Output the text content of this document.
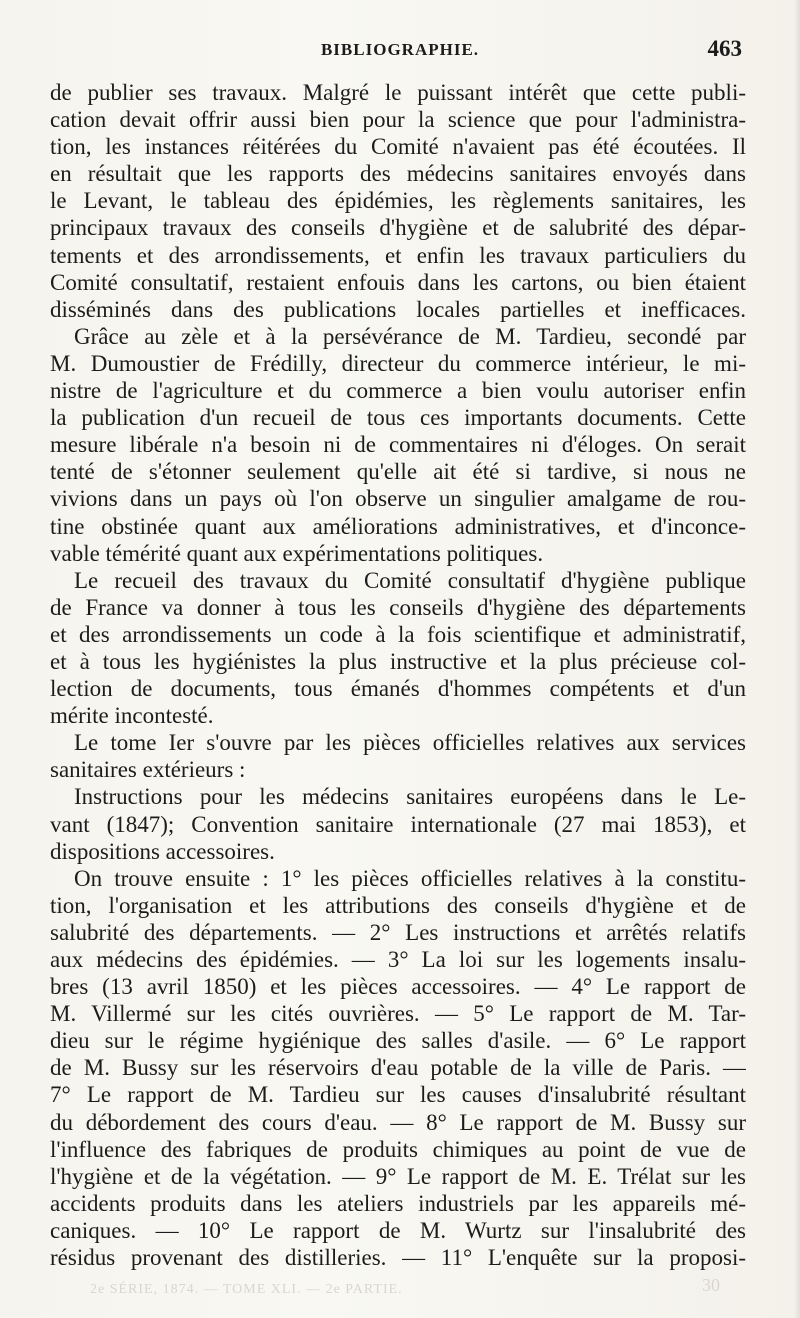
BIBLIOGRAPHIE.	463
de publier ses travaux. Malgré le puissant intérêt que cette publi-
cation devait offrir aussi bien pour la science que pour l'administra-
tion, les instances réitérées du Comité n'avaient pas été écoutées. Il
en résultait que les rapports des médecins sanitaires envoyés dans
le Levant, le tableau des épidémies, les règlements sanitaires, les
principaux travaux des conseils d'hygiène et de salubrité des dépar-
tements et des arrondissements, et enfin les travaux particuliers du
Comité consultatif, restaient enfouis dans les cartons, ou bien étaient
disséminés dans des publications locales partielles et inefficaces.
Grâce au zèle et à la persévérance de M. Tardieu, secondé par
M. Dumoustier de Frédilly, directeur du commerce intérieur, le mi-
nistre de l'agriculture et du commerce a bien voulu autoriser enfin
la publication d'un recueil de tous ces importants documents. Cette
mesure libérale n'a besoin ni de commentaires ni d'éloges. On serait
tenté de s'étonner seulement qu'elle ait été si tardive, si nous ne
vivions dans un pays où l'on observe un singulier amalgame de rou-
tine obstinée quant aux améliorations administratives, et d'inconce-
vable témérité quant aux expérimentations politiques.
Le recueil des travaux du Comité consultatif d'hygiène publique
de France va donner à tous les conseils d'hygiène des départements
et des arrondissements un code à la fois scientifique et administratif,
et à tous les hygiénistes la plus instructive et la plus précieuse col-
lection de documents, tous émanés d'hommes compétents et d'un
mérite incontesté.
Le tome Ier s'ouvre par les pièces officielles relatives aux services
sanitaires extérieurs :
Instructions pour les médecins sanitaires européens dans le Le-
vant (1847); Convention sanitaire internationale (27 mai 1853), et
dispositions accessoires.
On trouve ensuite : 1° les pièces officielles relatives à la constitu-
tion, l'organisation et les attributions des conseils d'hygiène et de
salubrité des départements. — 2° Les instructions et arrêtés relatifs
aux médecins des épidémies. — 3° La loi sur les logements insalu-
bres (13 avril 1850) et les pièces accessoires. — 4° Le rapport de
M. Villermé sur les cités ouvrières. — 5° Le rapport de M. Tar-
dieu sur le régime hygiénique des salles d'asile. — 6° Le rapport
de M. Bussy sur les réservoirs d'eau potable de la ville de Paris. —
7° Le rapport de M. Tardieu sur les causes d'insalubrité résultant
du débordement des cours d'eau. — 8° Le rapport de M. Bussy sur
l'influence des fabriques de produits chimiques au point de vue de
l'hygiène et de la végétation. — 9° Le rapport de M. E. Trélat sur les
accidents produits dans les ateliers industriels par les appareils mé-
caniques. — 10° Le rapport de M. Wurtz sur l'insalubrité des
résidus provenant des distilleries. — 11° L'enquête sur la proposi-
2e SÉRIE, 1874. — TOME XLI. — 2e PARTIE.	30
